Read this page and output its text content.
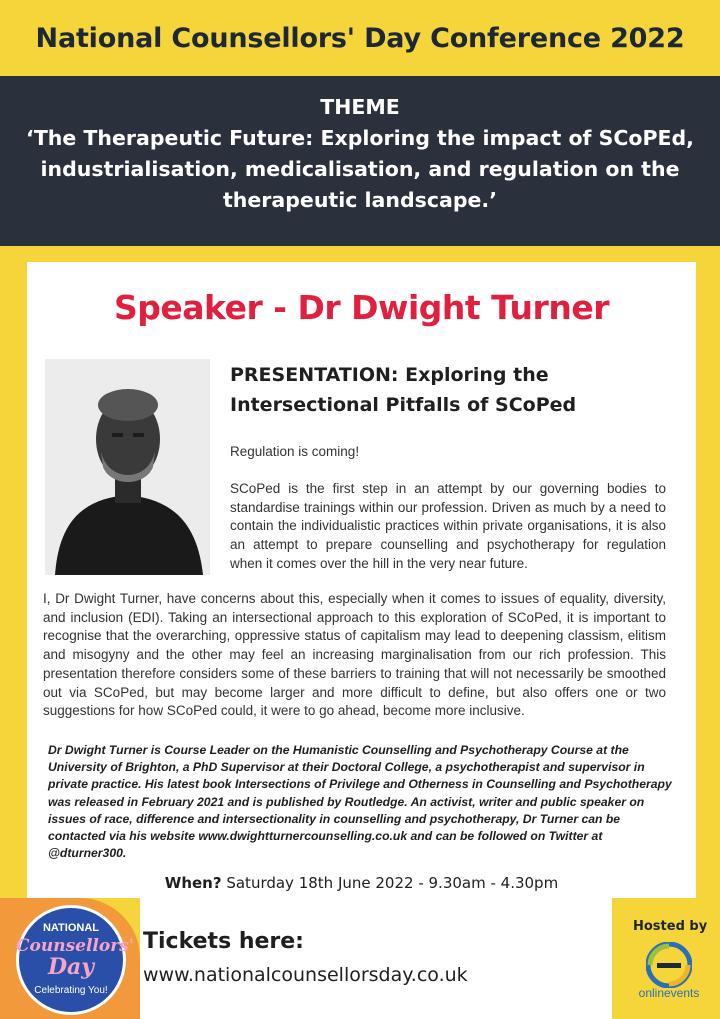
National Counsellors' Day Conference 2022
THEME
‘The Therapeutic Future: Exploring the impact of SCoPEd, industrialisation, medicalisation, and regulation on the therapeutic landscape.’
Speaker - Dr Dwight Turner
PRESENTATION: Exploring the Intersectional Pitfalls of SCoPed
Regulation is coming!
SCoPed is the first step in an attempt by our governing bodies to standardise trainings within our profession. Driven as much by a need to contain the individualistic practices within private organisations, it is also an attempt to prepare counselling and psychotherapy for regulation when it comes over the hill in the very near future.
I, Dr Dwight Turner, have concerns about this, especially when it comes to issues of equality, diversity, and inclusion (EDI). Taking an intersectional approach to this exploration of SCoPed, it is important to recognise that the overarching, oppressive status of capitalism may lead to deepening classism, elitism and misogyny and the other may feel an increasing marginalisation from our rich profession. This presentation therefore considers some of these barriers to training that will not necessarily be smoothed out via SCoPed, but may become larger and more difficult to define, but also offers one or two suggestions for how SCoPed could, it were to go ahead, become more inclusive.
Dr Dwight Turner is Course Leader on the Humanistic Counselling and Psychotherapy Course at the University of Brighton, a PhD Supervisor at their Doctoral College, a psychotherapist and supervisor in private practice. His latest book Intersections of Privilege and Otherness in Counselling and Psychotherapy was released in February 2021 and is published by Routledge. An activist, writer and public speaker on issues of race, difference and intersectionality in counselling and psychotherapy, Dr Turner can be contacted via his website www.dwightturnercounselling.co.uk and can be followed on Twitter at @dturner300.
When? Saturday 18th June 2022 - 9.30am - 4.30pm
NATIONAL
Counsellors'
Day
Celebrating You!
Tickets here:
www.nationalcounsellorsday.co.uk
Hosted by
onlinevents
